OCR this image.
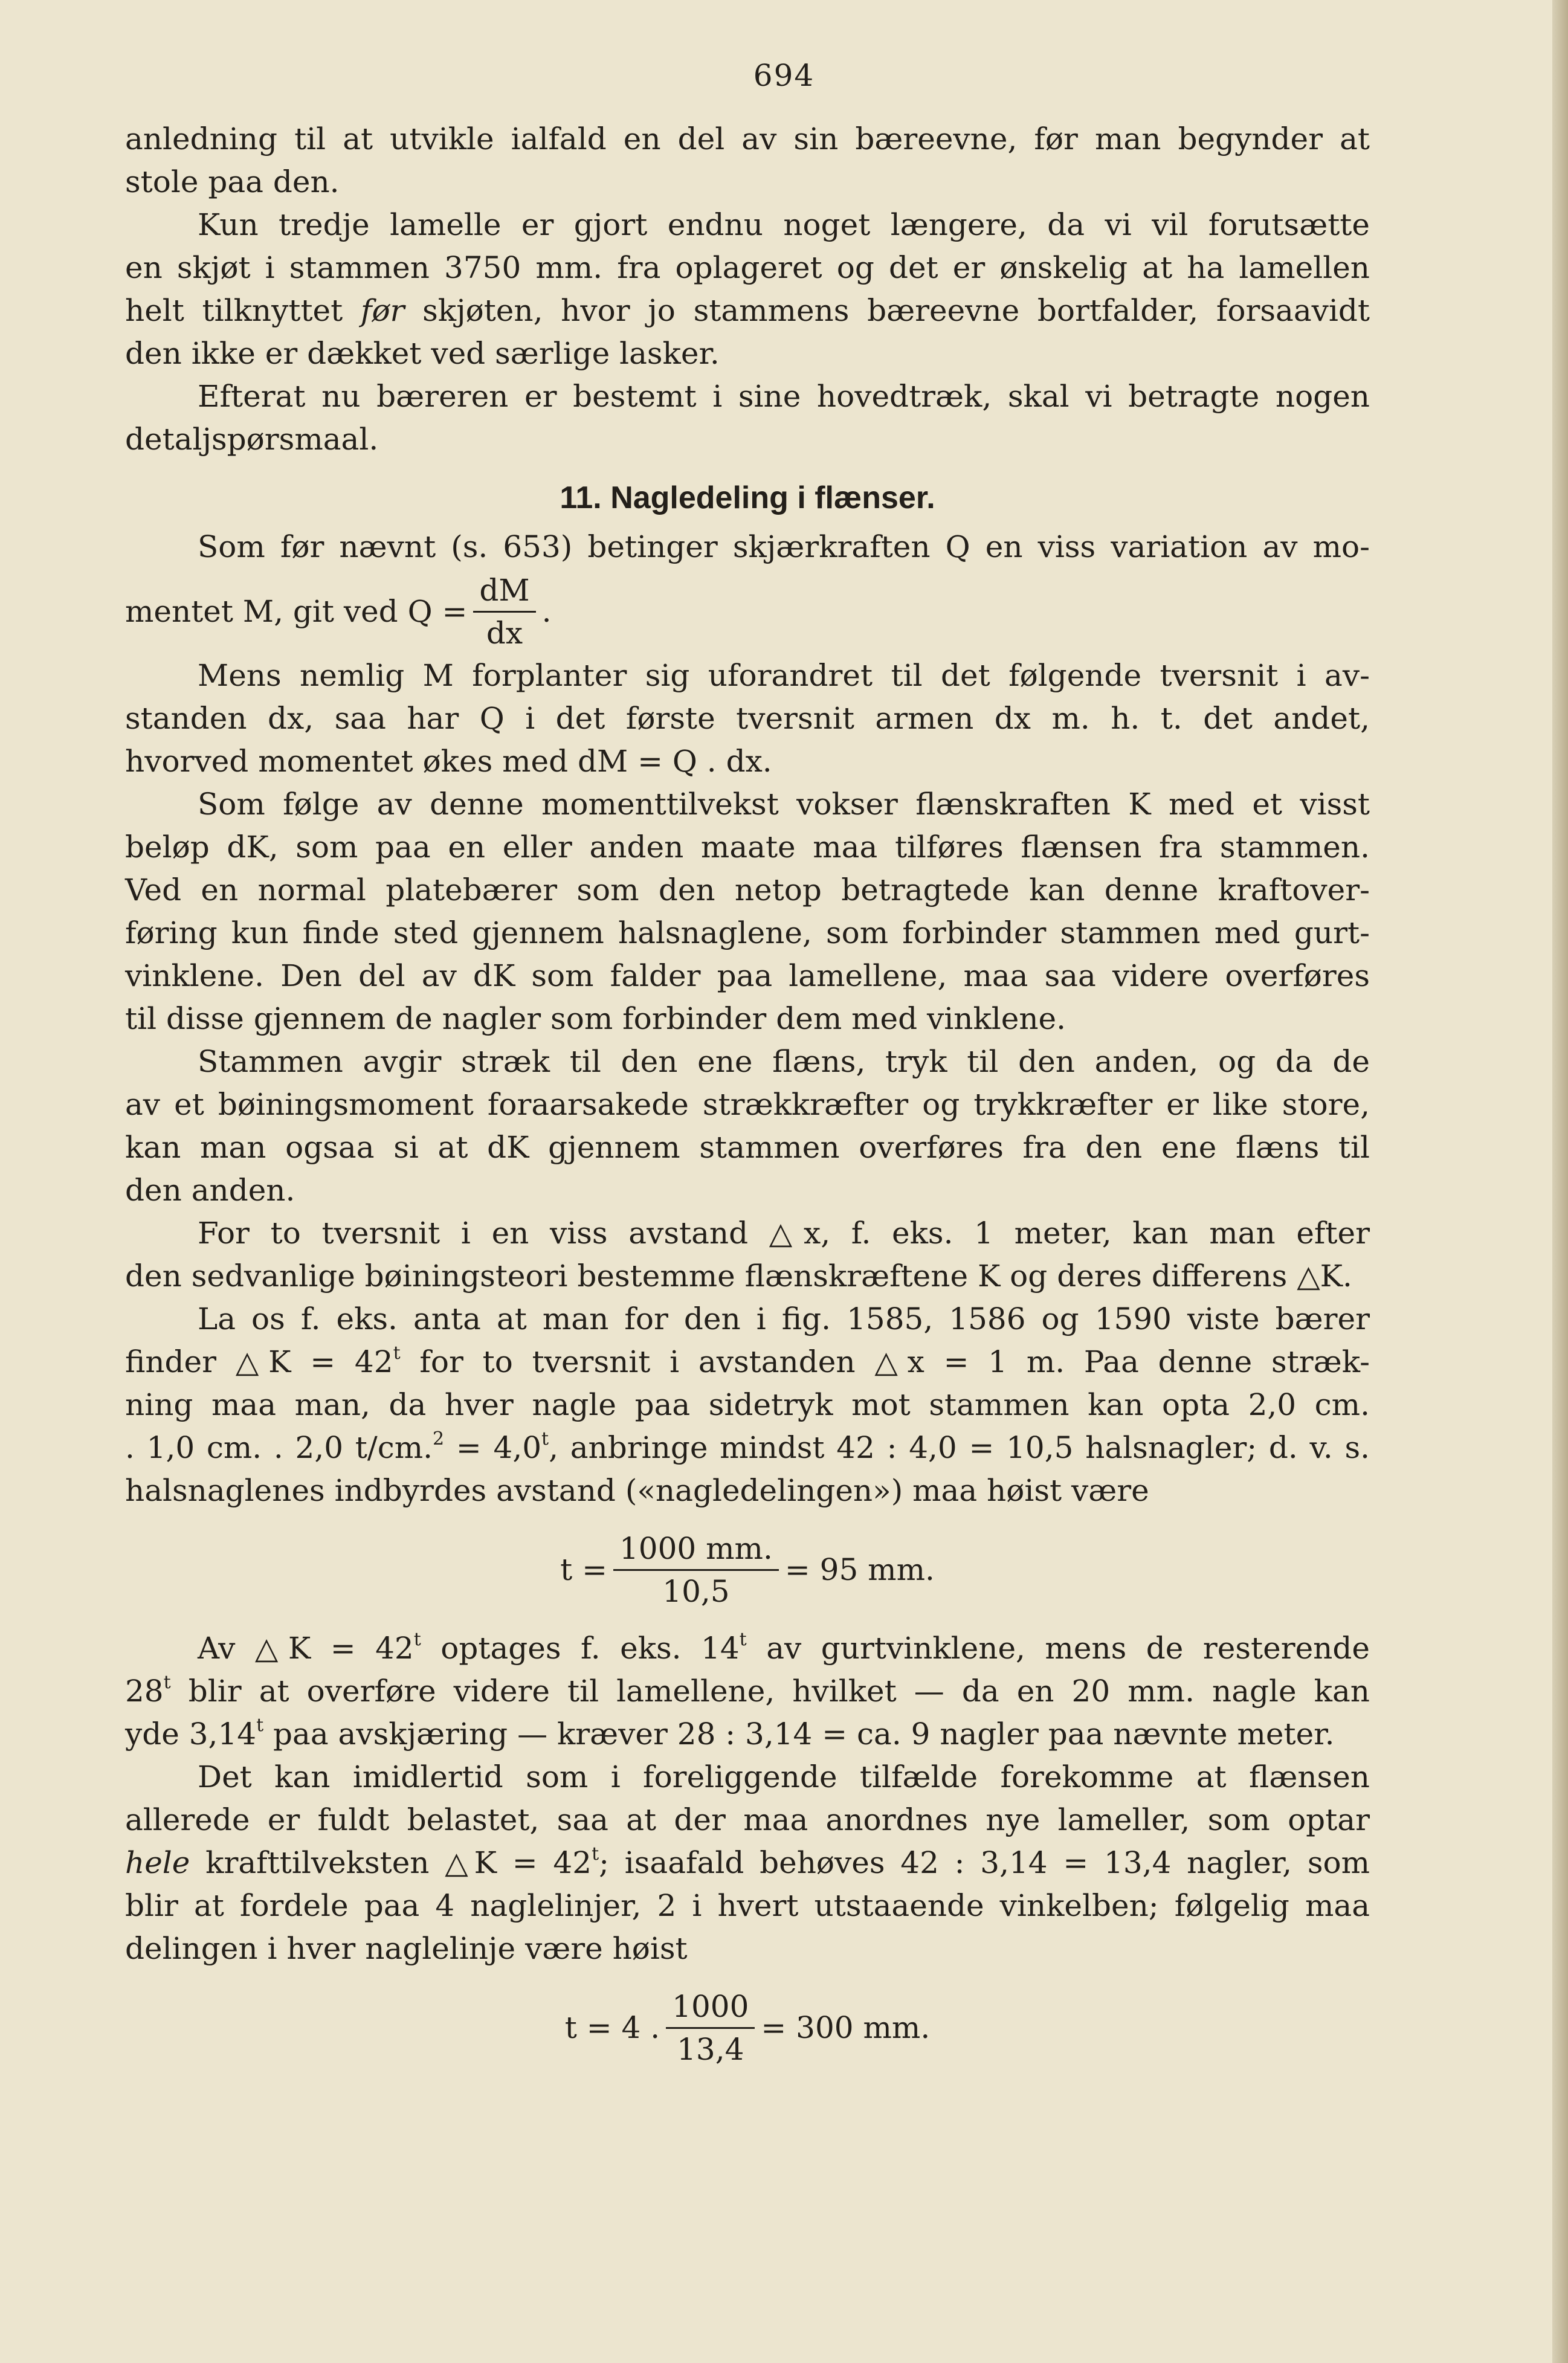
694
anledning til at utvikle ialfald en del av sin bæreevne, før man begynder at
stole paa den.
Kun tredje lamelle er gjort endnu noget længere, da vi vil forutsætte
en skjøt i stammen 3750 mm. fra oplageret og det er ønskelig at ha lamellen
helt tilknyttet før skjøten, hvor jo stammens bæreevne bortfalder, forsaavidt
den ikke er dækket ved særlige lasker.
Efterat nu bæreren er bestemt i sine hovedtræk, skal vi betragte nogen
detaljspørsmaal.
11. Nagledeling i flænser.
Som før nævnt (s. 653) betinger skjærkraften Q en viss variation av mo-
mentet M, git ved $Q = \frac{dM}{dx}$ .
Mens nemlig M forplanter sig uforandret til det følgende tversnit i av-
standen dx, saa har Q i det første tversnit armen dx m. h. t. det andet,
hvorved momentet økes med dM = Q . dx.
Som følge av denne momenttilvekst vokser flænskraften K med et visst
beløp dK, som paa en eller anden maate maa tilføres flænsen fra stammen.
Ved en normal platebærer som den netop betragtede kan denne kraftover-
føring kun finde sted gjennem halsnaglene, som forbinder stammen med gurt-
vinklene. Den del av dK som falder paa lamellene, maa saa videre overføres
til disse gjennem de nagler som forbinder dem med vinklene.
Stammen avgir stræk til den ene flæns, tryk til den anden, og da de
av et bøiningsmoment foraarsakede strækkræfter og trykkræfter er like store,
kan man ogsaa si at dK gjennem stammen overføres fra den ene flæns til
den anden.
For to tversnit i en viss avstand △x, f. eks. 1 meter, kan man efter
den sedvanlige bøiningsteori bestemme flænskræftene K og deres differens △K.
La os f. eks. anta at man for den i fig. 1585, 1586 og 1590 viste bærer
finder △K = $42^t$ for to tversnit i avstanden △x = 1 m. Paa denne stræk-
ning maa man, da hver nagle paa sidetryk mot stammen kan opta 2,0 cm.
. 1,0 cm. . 2,0 $t/cm.^2 = 4,0^t$, anbringe mindst 42 : 4,0 = 10,5 halsnagler; d. v. s.
halsnaglenes indbyrdes avstand («nagledelingen») maa høist være
$t = \frac{1000 mm.}{10,5} = 95$ mm.
Av △K = $42^t$ optages f. eks. 14$^t$ av gurtvinklene, mens de resterende
28$^t$ blir at overføre videre til lamellene, hvilket — da en 20 mm. nagle kan
yde 3,14$^t$ paa avskjæring — kræver 28 : 3,14 = ca. 9 nagler paa nævnte meter.
Det kan imidlertid som i foreliggende tilfælde forekomme at flænsen
allerede er fuldt belastet, saa at der maa anordnes nye lameller, som optar
hele krafttilveksten △K = $42^t$; isaafald behøves 42 : 3,14 = 13,4 nagler, som
blir at fordele paa 4 naglelinjer, 2 i hvert utstaaende vinkelben; følgelig maa
delingen i hver naglelinje være høist
t = 4 . $\frac{1000}{13,4} = 300$ mm.
